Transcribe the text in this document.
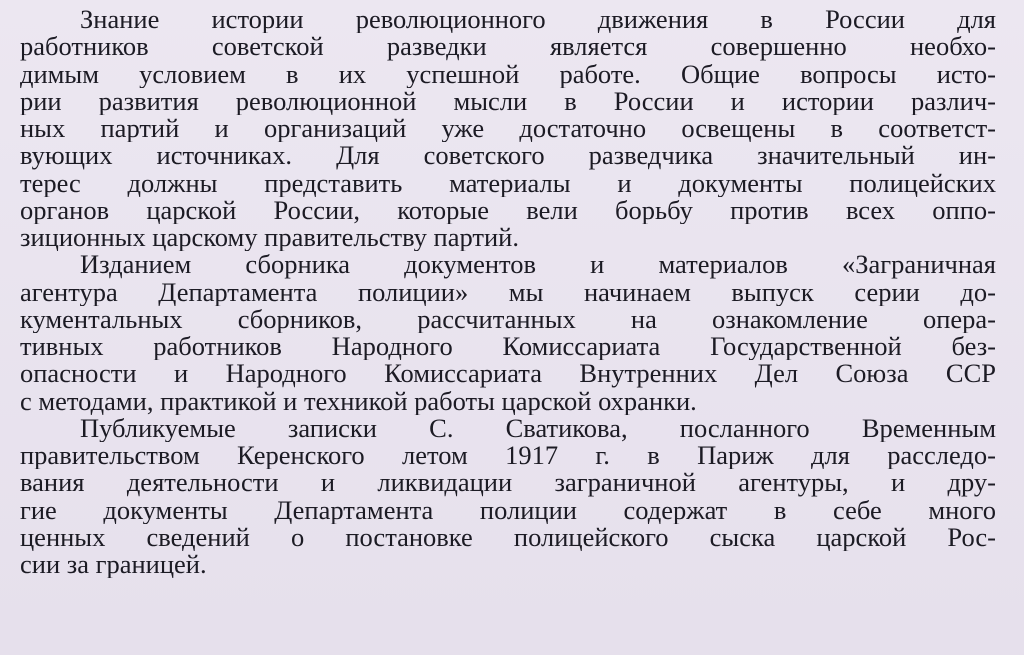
Знание истории революционного движения в России для
работников советской разведки является совершенно необхо-
димым условием в их успешной работе. Общие вопросы исто-
рии развития революционной мысли в России и истории различ-
ных партий и организаций уже достаточно освещены в соответст-
вующих источниках. Для советского разведчика значительный ин-
терес должны представить материалы и документы полицейских
органов царской России, которые вели борьбу против всех оппо-
зиционных царскому правительству партий.
Изданием сборника документов и материалов «Заграничная
агентура Департамента полиции» мы начинаем выпуск серии до-
кументальных сборников, рассчитанных на ознакомление опера-
тивных работников Народного Комиссариата Государственной без-
опасности и Народного Комиссариата Внутренних Дел Союза ССР
с методами, практикой и техникой работы царской охранки.
Публикуемые записки С. Сватикова, посланного Временным
правительством Керенского летом 1917 г. в Париж для расследо-
вания деятельности и ликвидации заграничной агентуры, и дру-
гие документы Департамента полиции содержат в себе много
ценных сведений о постановке полицейского сыска царской Рос-
сии за границей.
